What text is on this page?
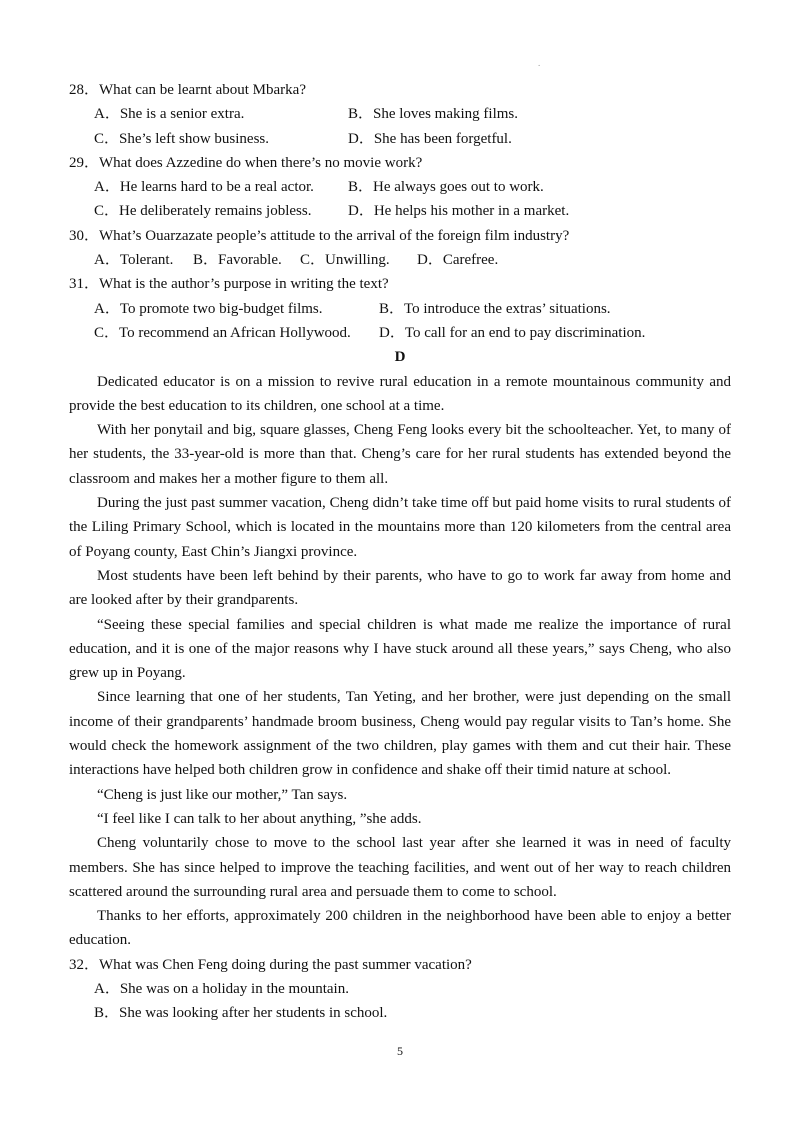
.
28．What can be learnt about Mbarka?
A．She is a senior extra.	B．She loves making films.
C．She’s left show business.	D．She has been forgetful.
29．What does Azzedine do when there’s no movie work?
A．He learns hard to be a real actor.	B．He always goes out to work.
C．He deliberately remains jobless.	D．He helps his mother in a market.
30．What’s Ouarzazate people’s attitude to the arrival of the foreign film industry?
A．Tolerant.	B．Favorable.	C．Unwilling.	D．Carefree.
31．What is the author’s purpose in writing the text?
A．To promote two big-budget films.	B．To introduce the extras’ situations.
C．To recommend an African Hollywood.	D．To call for an end to pay discrimination.
D
Dedicated educator is on a mission to revive rural education in a remote mountainous community and provide the best education to its children, one school at a time.
With her ponytail and big, square glasses, Cheng Feng looks every bit the schoolteacher. Yet, to many of her students, the 33-year-old is more than that. Cheng’s care for her rural students has extended beyond the classroom and makes her a mother figure to them all.
During the just past summer vacation, Cheng didn’t take time off but paid home visits to rural students of the Liling Primary School, which is located in the mountains more than 120 kilometers from the central area of Poyang county, East Chin’s Jiangxi province.
Most students have been left behind by their parents, who have to go to work far away from home and are looked after by their grandparents.
“Seeing these special families and special children is what made me realize the importance of rural education, and it is one of the major reasons why I have stuck around all these years,” says Cheng, who also grew up in Poyang.
Since learning that one of her students, Tan Yeting, and her brother, were just depending on the small income of their grandparents’ handmade broom business, Cheng would pay regular visits to Tan’s home. She would check the homework assignment of the two children, play games with them and cut their hair. These interactions have helped both children grow in confidence and shake off their timid nature at school.
“Cheng is just like our mother,” Tan says.
“I feel like I can talk to her about anything, ”she adds.
Cheng voluntarily chose to move to the school last year after she learned it was in need of faculty members. She has since helped to improve the teaching facilities, and went out of her way to reach children scattered around the surrounding rural area and persuade them to come to school.
Thanks to her efforts, approximately 200 children in the neighborhood have been able to enjoy a better education.
32．What was Chen Feng doing during the past summer vacation?
A．She was on a holiday in the mountain.
B．She was looking after her students in school.
5
